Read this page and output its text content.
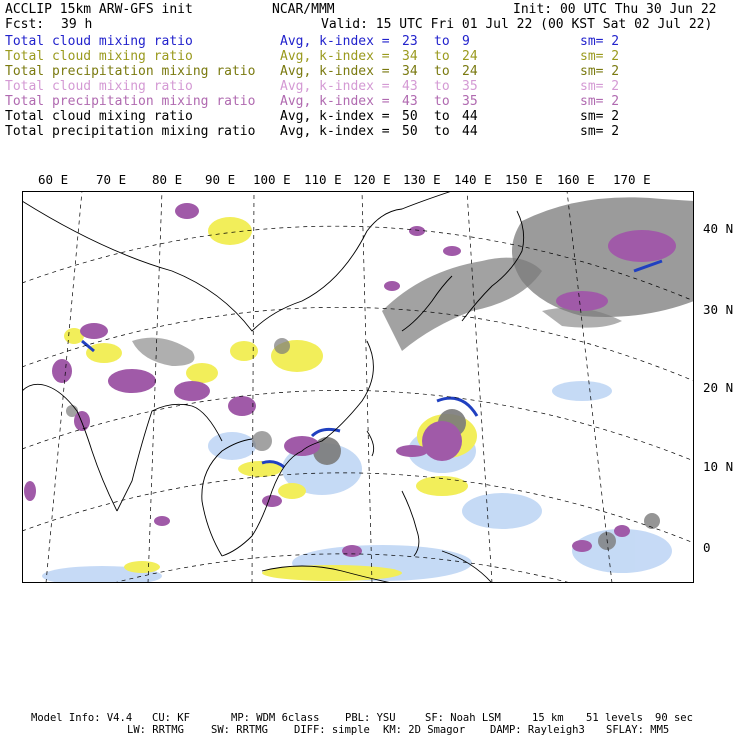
ACCLIP 15km ARW-GFS init	NCAR/MMM	Init: 00 UTC Thu 30 Jun 22
Fcst: 39 h	Valid: 15 UTC Fri 01 Jul 22 (00 KST Sat 02 Jul 22)
Total cloud mixing ratio	Avg, k-index = 23 to 9	sm= 2
Total cloud mixing ratio	Avg, k-index = 34 to 24	sm= 2
Total precipitation mixing ratio Avg, k-index = 34 to 24	sm= 2
Total cloud mixing ratio	Avg, k-index = 43 to 35	sm= 2
Total precipitation mixing ratio Avg, k-index = 43 to 35	sm= 2
Total cloud mixing ratio	Avg, k-index = 50 to 44	sm= 2
Total precipitation mixing ratio Avg, k-index = 50 to 44	sm= 2
60 E 70 E 80 E 90 E 100 E 110 E 120 E 130 E 140 E 150 E 160 E 170 E
40 N
30 N
20 N
10 N
0
Model Info: V4.4 CU: KF	MP: WDM 6class PBL: YSU	SF: Noah LSM	15 km 51 levels 90 sec
LW: RRTMG	SW: RRTMG DIFF: simple KM: 2D Smagor DAMP: Rayleigh3 SFLAY: MM5
